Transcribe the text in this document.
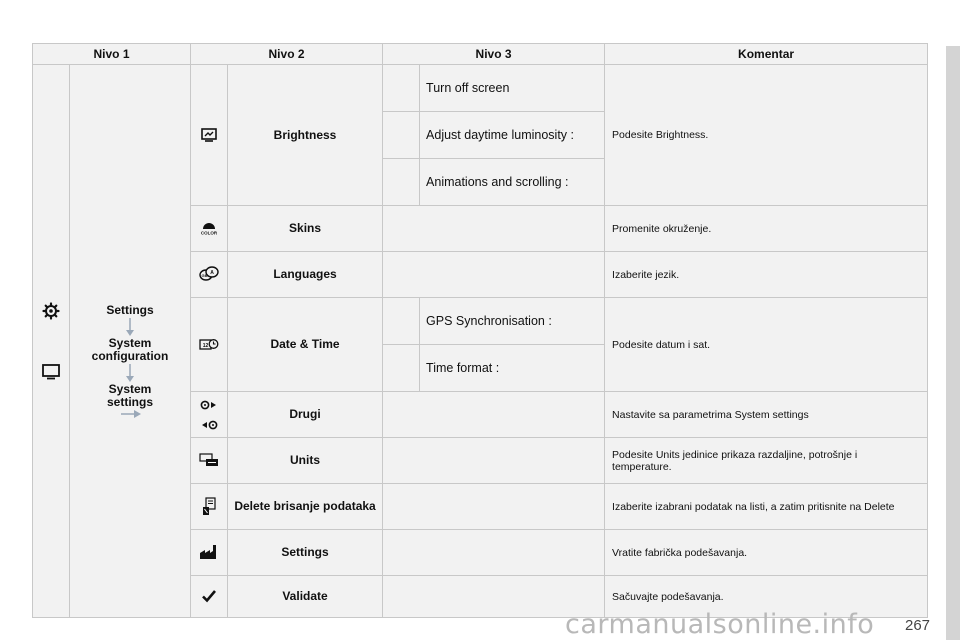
Nivo 1		Nivo 2		Nivo 3	Komentar

Settings
System configuration
System settings		Brightness	Turn off screen	Podesite Brightness.

Adjust daytime luminosity :	

Animations and scrolling :	

COLOR	Skins		Promenite okruženje.

A
GB	Languages		Izaberite jezik.

12	Date & Time	GPS Synchronisation :	Podesite datum i sat.

Time format :	

	Drugi		Nastavite sa parametrima System settings
	Units		Podesite Units jedinice prikaza razdaljine, potrošnje i temperature.
	Delete brisanje podataka		Izaberite izabrani podatak na listi, a zatim pritisnite na Delete
	Settings		Vratite fabrička podešavanja.
	Validate		Sačuvajte podešavanja.
carmanualsonline.info 267
